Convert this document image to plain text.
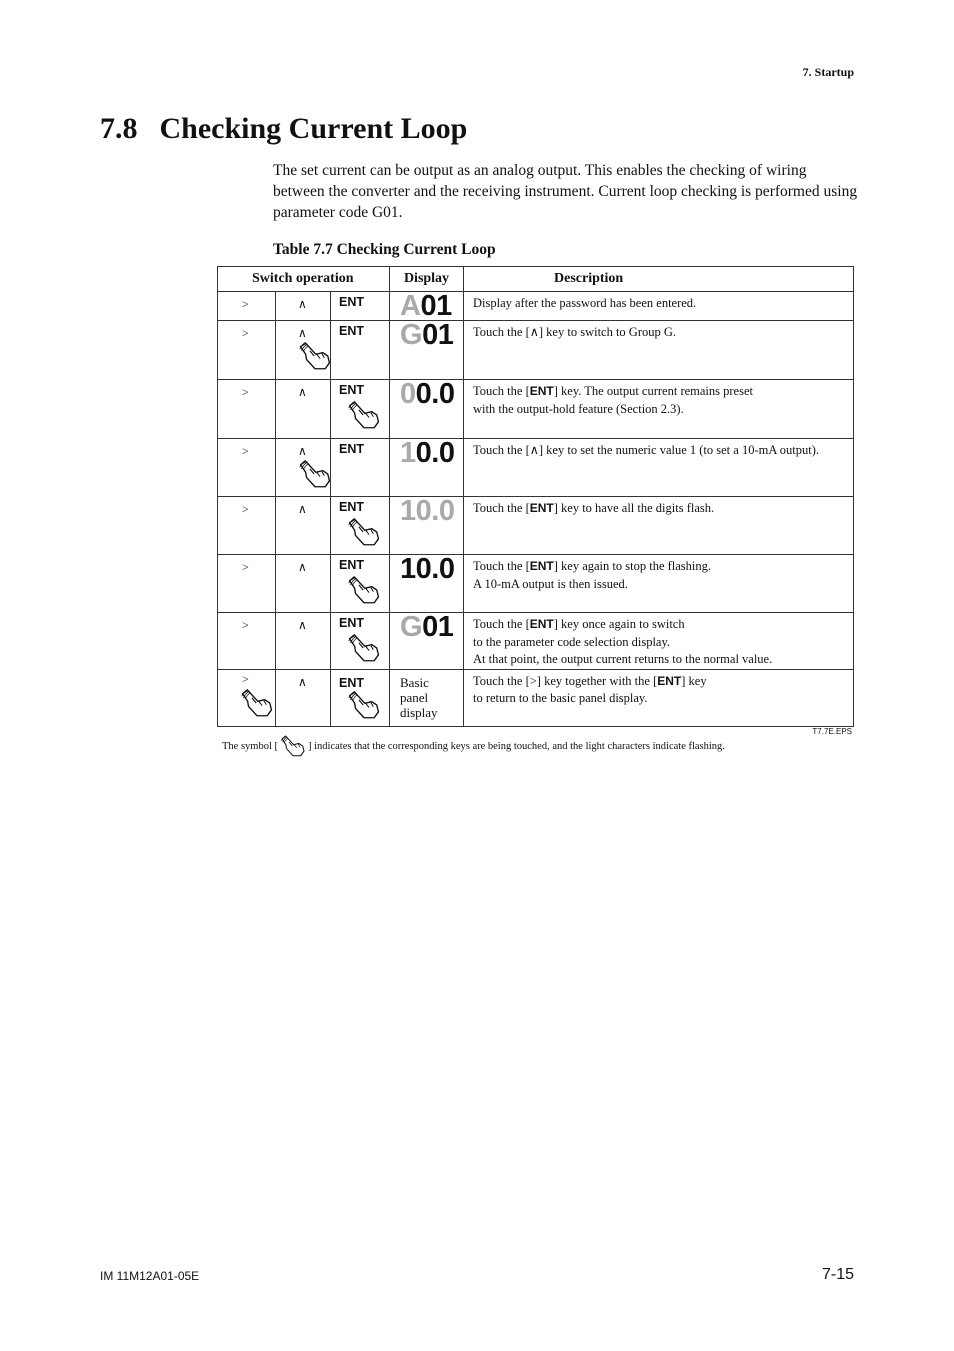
7. Startup
7.8 Checking Current Loop

The set current can be output as an analog output. This enables the checking of wiring between the converter and the receiving instrument. Current loop checking is performed using parameter code G01.

Table 7.7 Checking Current Loop
Switch operation			Display	Description

>	∧	ENT	A01	Display after the password has been entered.

>	∧	ENT	G01	Touch the [∧] key to switch to Group G.

>	∧	ENT	00.0	Touch the [ENT] key. The output current remains preset
with the output-hold feature (Section 2.3).

>	∧	ENT	10.0	Touch the [∧] key to set the numeric value 1 (to set a 10-mA output).

>	∧	ENT	10.0	Touch the [ENT] key to have all the digits flash.

>	∧	ENT	10.0	Touch the [ENT] key again to stop the flashing.
A 10-mA output is then issued.

>	∧	ENT	G01	Touch the [ENT] key once again to switch
to the parameter code selection display.
At that point, the output current returns to the normal value.

>	∧	ENT	Basic
panel
display	Touch the [>] key together with the [ENT] key
to return to the basic panel display.
T7.7E.EPS
The symbol [	] indicates that the corresponding keys are being touched, and the light characters indicate flashing.
IM 11M12A01-05E	7-15
